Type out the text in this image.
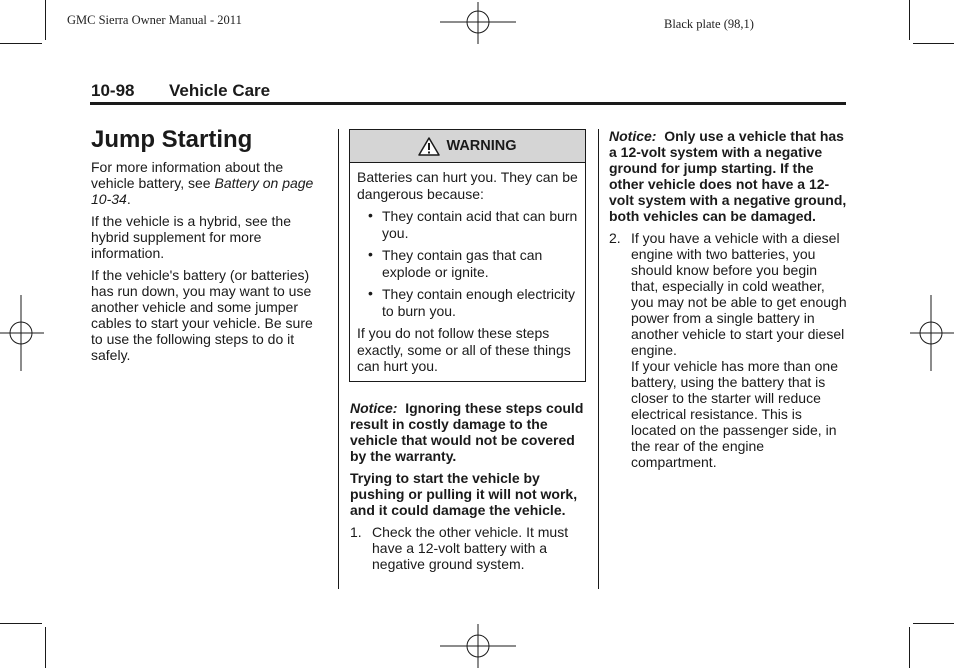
GMC Sierra Owner Manual - 2011	Black plate (98,1)
10-98 Vehicle Care
Jump Starting

For more information about the vehicle battery, see Battery on page 10-34.

If the vehicle is a hybrid, see the hybrid supplement for more information.

If the vehicle's battery (or batteries) has run down, you may want to use another vehicle and some jumper cables to start your vehicle. Be sure to use the following steps to do it safely.

WARNING

Batteries can hurt you. They can be dangerous because:

• They contain acid that can burn you.
• They contain gas that can explode or ignite.
• They contain enough electricity to burn you.

If you do not follow these steps exactly, some or all of these things can hurt you.

Notice: Ignoring these steps could result in costly damage to the vehicle that would not be covered by the warranty.

Trying to start the vehicle by pushing or pulling it will not work, and it could damage the vehicle.

1. Check the other vehicle. It must have a 12-volt battery with a negative ground system.

Notice: Only use a vehicle that has a 12-volt system with a negative ground for jump starting. If the other vehicle does not have a 12-volt system with a negative ground, both vehicles can be damaged.

2. If you have a vehicle with a diesel engine with two batteries, you should know before you begin that, especially in cold weather, you may not be able to get enough power from a single battery in another vehicle to start your diesel engine.
If your vehicle has more than one battery, using the battery that is closer to the starter will reduce electrical resistance. This is located on the passenger side, in the rear of the engine compartment.
